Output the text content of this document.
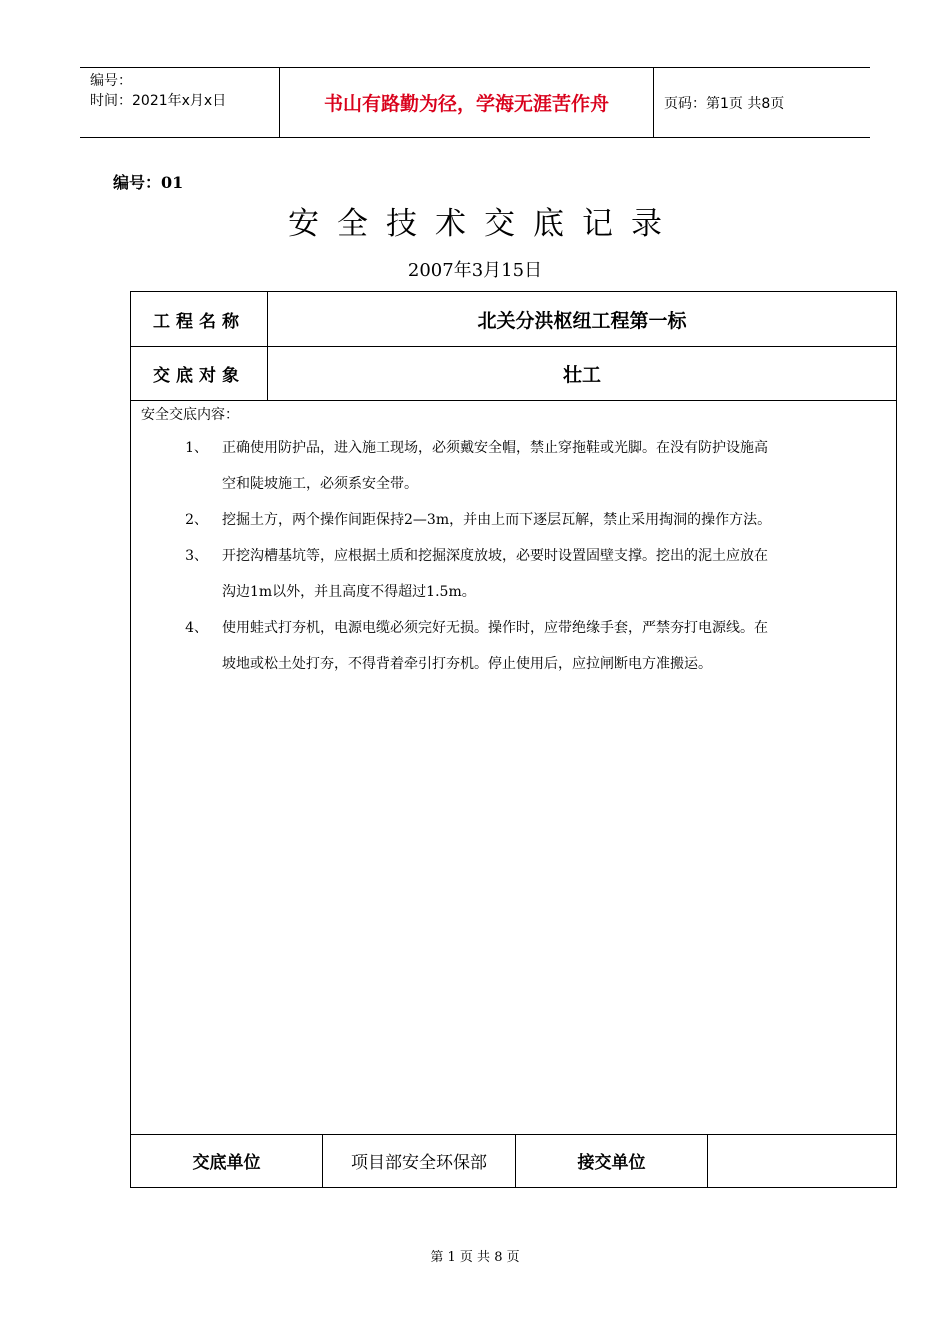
编号：
时间：2021年x月x日	书山有路勤为径，学海无涯苦作舟	页码：第1页 共8页
编号：01
安全技术交底记录
2007年3月15日
工程名称	北关分洪枢纽工程第一标
交底对象	壮工
安全交底内容：
1、	正确使用防护品，进入施工现场，必须戴安全帽，禁止穿拖鞋或光脚。在没有防护设施高
空和陡坡施工，必须系安全带。
2、	挖掘土方，两个操作间距保持2—3m，并由上而下逐层瓦解，禁止采用掏洞的操作方法。
3、	开挖沟槽基坑等，应根据土质和挖掘深度放坡，必要时设置固壁支撑。挖出的泥土应放在
沟边1m以外，并且高度不得超过1.5m。
4、	使用蛙式打夯机，电源电缆必须完好无损。操作时，应带绝缘手套，严禁夯打电源线。在
坡地或松土处打夯，不得背着牵引打夯机。停止使用后，应拉闸断电方准搬运。
交底单位	项目部安全环保部	接交单位
第 1 页 共 8 页
